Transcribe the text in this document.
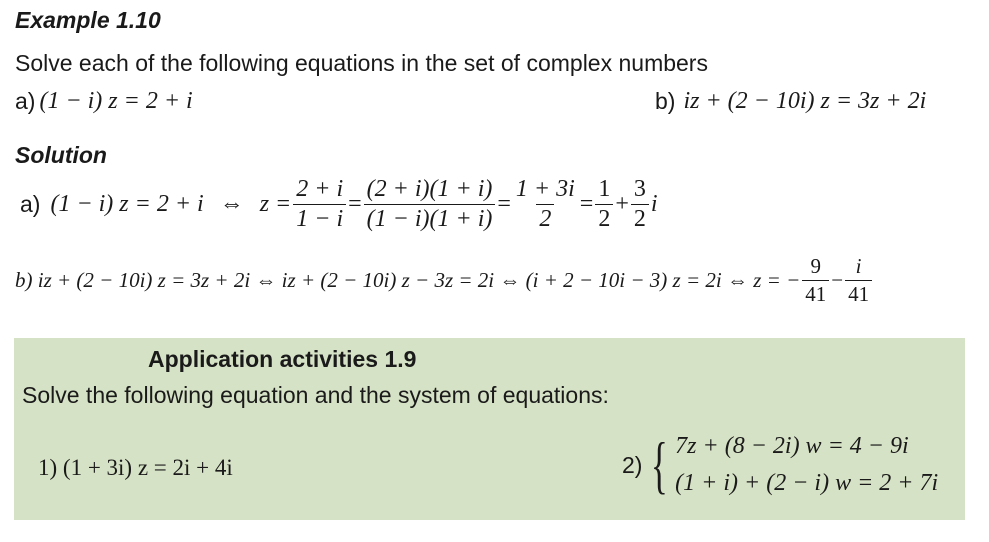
Example 1.10
Solve each of the following equations in the set of complex numbers
a) (1 − i) z = 2 + i	b) iz + (2 − 10i) z = 3z + 2i
Solution
a) (1 − i) z = 2 + i ⇔ $z = \frac{2 + i}{1 - i} = \frac{(2 + i)(1 + i)}{(1 - i)(1 + i)} = \frac{1 + 3i}{2} = \frac{1}{2} + \frac{3}{2}$ i
b) iz + (2 − 10i) z = 3z + 2i ⇔ iz + (2 − 10i) z − 3z = 2i ⇔ (i + 2 − 10i − 3) z = 2i ⇔ z = − $\frac{9}{41} - \frac{i}{41}$
Application activities 1.9
Solve the following equation and the system of equations:
1) (1 + 3i) z = 2i + 4i	2) { 7z + (8 − 2i) w = 4 − 9i
(1 + i) + (2 − i) w = 2 + 7i
